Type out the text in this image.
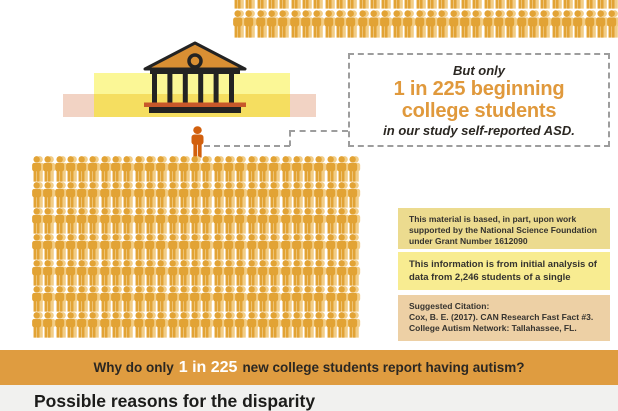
But only
1 in 225 beginning
college students
in our study self-reported ASD.
This material is based, in part, upon work supported by the National Science Foundation under Grant Number 1612090
This information is from initial analysis of data from 2,246 students of a single
Suggested Citation:
Cox, B. E. (2017). CAN Research Fast Fact #3.
College Autism Network: Tallahassee, FL.
Why do only 1 in 225 new college students report having autism?
Possible reasons for the disparity
